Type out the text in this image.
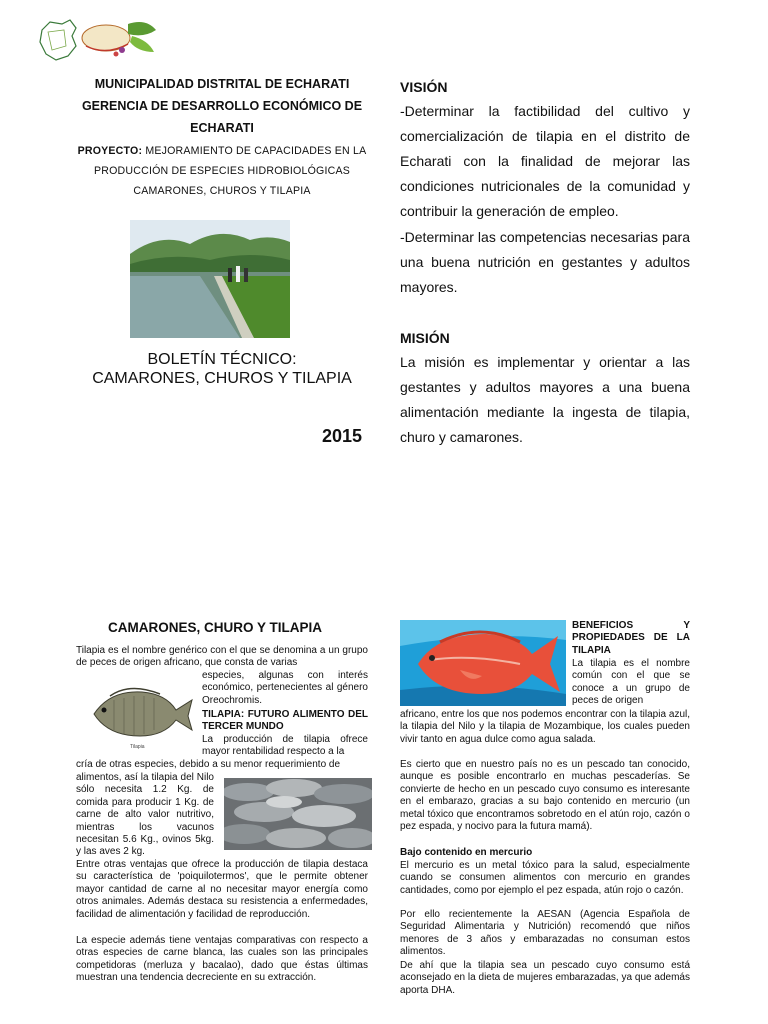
MUNICIPALIDAD DISTRITAL DE ECHARATI
GERENCIA DE DESARROLLO ECONÓMICO DE
ECHARATI
PROYECTO: MEJORAMIENTO DE CAPACIDADES EN LA
PRODUCCIÓN DE ESPECIES HIDROBIOLÓGICAS
CAMARONES, CHUROS Y TILAPIA
BOLETÍN TÉCNICO:
CAMARONES, CHUROS Y TILAPIA
2015
VISIÓN
-Determinar la factibilidad del cultivo y comercialización de tilapia en el distrito de Echarati con la finalidad de mejorar las condiciones nutricionales de la comunidad y contribuir la generación de empleo.
-Determinar las competencias necesarias para una buena nutrición en gestantes y adultos mayores.
MISIÓN
La misión es implementar y orientar a las gestantes y adultos mayores a una buena alimentación mediante la ingesta de tilapia, churo y camarones.
CAMARONES, CHURO Y TILAPIA
Tilapia es el nombre genérico con el que se denomina a un grupo de peces de origen africano, que consta de varias
Tilapia
especies, algunas con interés económico, pertenecientes al género Oreochromis.
TILAPIA: FUTURO ALIMENTO DEL TERCER MUNDO
La producción de tilapia ofrece mayor rentabilidad respecto a la
cría de otras especies, debido a su menor requerimiento de
alimentos, así la tilapia del Nilo sólo necesita 1.2 Kg. de comida para producir 1 Kg. de carne de alto valor nutritivo, mientras los vacunos necesitan 5.6 Kg., ovinos 5kg. y las aves 2 kg.
Entre otras ventajas que ofrece la producción de tilapia destaca su característica de 'poiquilotermos', que le permite obtener mayor cantidad de carne al no necesitar mayor energía como otros animales. Además destaca su resistencia a enfermedades, facilidad de alimentación y facilidad de reproducción.
La especie además tiene ventajas comparativas con respecto a otras especies de carne blanca, las cuales son las principales competidoras (merluza y bacalao), dado que éstas últimas muestran una tendencia decreciente en su extracción.
BENEFICIOS Y PROPIEDADES DE LA TILAPIA
La tilapia es el nombre común con el que se conoce a un grupo de peces de origen
africano, entre los que nos podemos encontrar con la tilapia azul, la tilapia del Nilo y la tilapia de Mozambique, los cuales pueden vivir tanto en agua dulce como agua salada.
Es cierto que en nuestro país no es un pescado tan conocido, aunque es posible encontrarlo en muchas pescaderías. Se convierte de hecho en un pescado cuyo consumo es interesante en el embarazo, gracias a su bajo contenido en mercurio (un metal tóxico que encontramos sobretodo en el atún rojo, cazón o pez espada, y nocivo para la futura mamá).
Bajo contenido en mercurio
El mercurio es un metal tóxico para la salud, especialmente cuando se consumen alimentos con mercurio en grandes cantidades, como por ejemplo el pez espada, atún rojo o cazón.
Por ello recientemente la AESAN (Agencia Española de Seguridad Alimentaria y Nutrición) recomendó que niños menores de 3 años y embarazadas no consuman estos alimentos.
De ahí que la tilapia sea un pescado cuyo consumo está aconsejado en la dieta de mujeres embarazadas, ya que además aporta DHA.
